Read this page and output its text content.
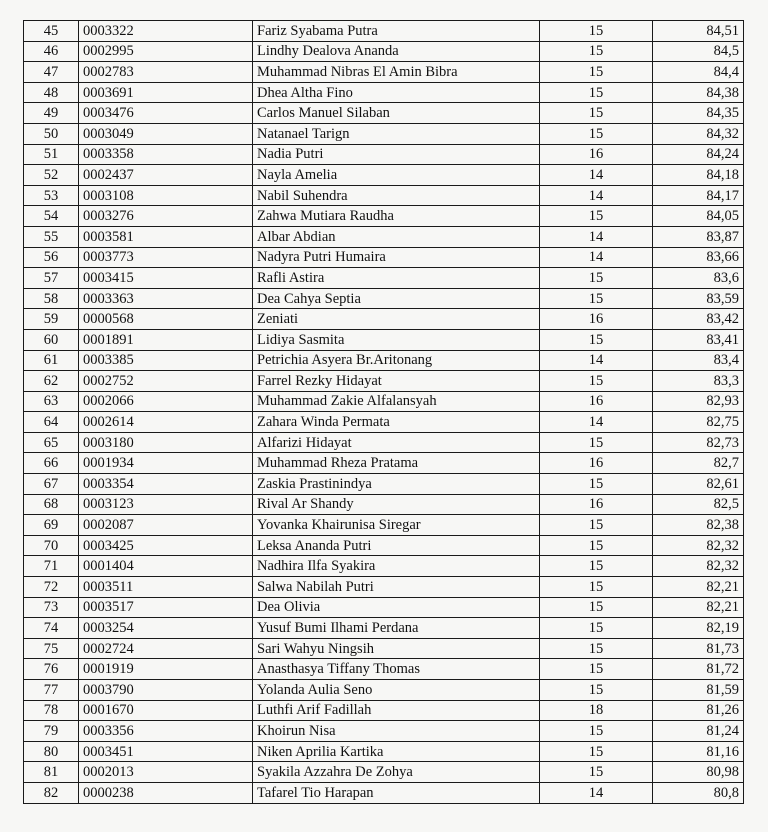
45	0003322	Fariz Syabama Putra	15	84,51
46	0002995	Lindhy Dealova Ananda	15	84,5
47	0002783	Muhammad Nibras El Amin Bibra	15	84,4
48	0003691	Dhea Altha Fino	15	84,38
49	0003476	Carlos Manuel Silaban	15	84,35
50	0003049	Natanael Tarign	15	84,32
51	0003358	Nadia Putri	16	84,24
52	0002437	Nayla Amelia	14	84,18
53	0003108	Nabil Suhendra	14	84,17
54	0003276	Zahwa Mutiara Raudha	15	84,05
55	0003581	Albar Abdian	14	83,87
56	0003773	Nadyra Putri Humaira	14	83,66
57	0003415	Rafli Astira	15	83,6
58	0003363	Dea Cahya Septia	15	83,59
59	0000568	Zeniati	16	83,42
60	0001891	Lidiya Sasmita	15	83,41
61	0003385	Petrichia Asyera Br.Aritonang	14	83,4
62	0002752	Farrel Rezky Hidayat	15	83,3
63	0002066	Muhammad Zakie Alfalansyah	16	82,93
64	0002614	Zahara Winda Permata	14	82,75
65	0003180	Alfarizi Hidayat	15	82,73
66	0001934	Muhammad Rheza Pratama	16	82,7
67	0003354	Zaskia Prastinindya	15	82,61
68	0003123	Rival Ar Shandy	16	82,5
69	0002087	Yovanka Khairunisa Siregar	15	82,38
70	0003425	Leksa Ananda Putri	15	82,32
71	0001404	Nadhira Ilfa Syakira	15	82,32
72	0003511	Salwa Nabilah Putri	15	82,21
73	0003517	Dea Olivia	15	82,21
74	0003254	Yusuf Bumi Ilhami Perdana	15	82,19
75	0002724	Sari Wahyu Ningsih	15	81,73
76	0001919	Anasthasya Tiffany Thomas	15	81,72
77	0003790	Yolanda Aulia Seno	15	81,59
78	0001670	Luthfi Arif Fadillah	18	81,26
79	0003356	Khoirun Nisa	15	81,24
80	0003451	Niken Aprilia Kartika	15	81,16
81	0002013	Syakila Azzahra De Zohya	15	80,98
82	0000238	Tafarel Tio Harapan	14	80,8
